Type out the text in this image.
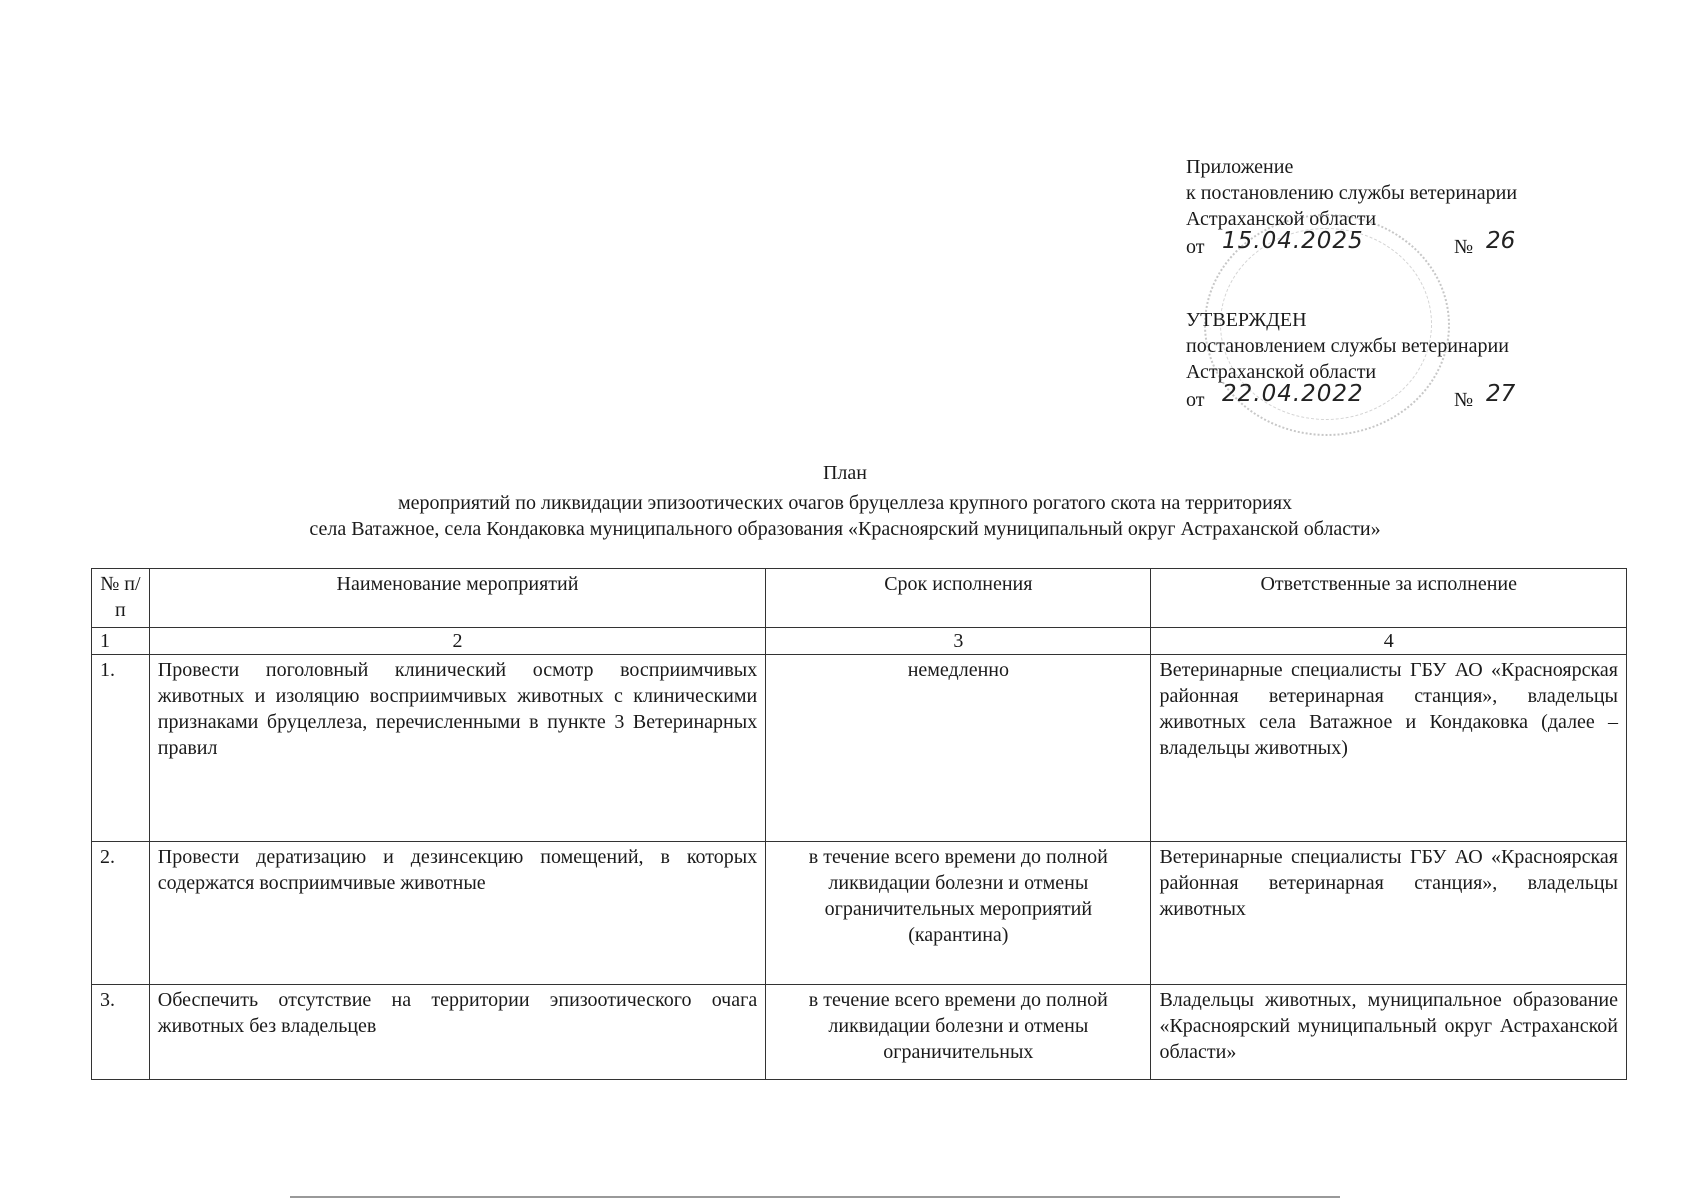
Приложение
к постановлению службы ветеринарии
Астраханской области
от 15.04.2025	№ 26
УТВЕРЖДЕН
постановлением службы ветеринарии
Астраханской области
от 22.04.2022	№ 27
План
мероприятий по ликвидации эпизоотических очагов бруцеллеза крупного рогатого скота на территориях
села Ватажное, села Кондаковка муниципального образования «Красноярский муниципальный округ Астраханской области»
№ п/п	Наименование мероприятий	Срок исполнения	Ответственные за исполнение
1	2	3	4
1.	Провести поголовный клинический осмотр восприимчивых животных и изоляцию восприимчивых животных с клиническими признаками бруцеллеза, перечисленными в пункте 3 Ветеринарных правил	немедленно	Ветеринарные специалисты ГБУ АО «Красноярская районная ветеринарная станция», владельцы животных села Ватажное и Кондаковка (далее – владельцы животных)
2.	Провести дератизацию и дезинсекцию помещений, в которых содержатся восприимчивые животные	в течение всего времени до полной ликвидации болезни и отмены ограничительных мероприятий (карантина)	Ветеринарные специалисты ГБУ АО «Красноярская районная ветеринарная станция», владельцы животных
3.	Обеспечить отсутствие на территории эпизоотического очага животных без владельцев	в течение всего времени до полной ликвидации болезни и отмены ограничительных	Владельцы животных, муниципальное образование «Красноярский муниципальный округ Астраханской области»
